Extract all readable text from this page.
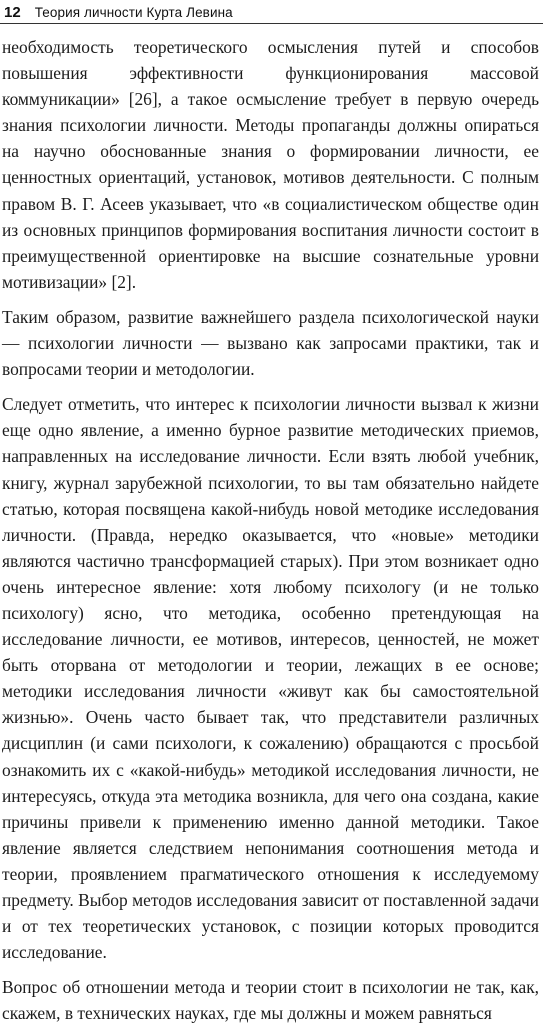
12 Теория личности Курта Левина

необходимость теоретического осмысления путей и способов повышения эффективности функционирования массовой коммуникации» [26], а такое осмысление требует в первую очередь знания психологии личности. Методы пропаганды должны опираться на научно обоснованные знания о формировании личности, ее ценностных ориентаций, установок, мотивов деятельности. С полным правом В. Г. Асеев указывает, что «в социалистическом обществе один из основных принципов формирования воспитания личности состоит в преимущественной ориентировке на высшие сознательные уровни мотивизации» [2].

Таким образом, развитие важнейшего раздела психологической науки — психологии личности — вызвано как запросами практики, так и вопросами теории и методологии.

Следует отметить, что интерес к психологии личности вызвал к жизни еще одно явление, а именно бурное развитие методических приемов, направленных на исследование личности. Если взять любой учебник, книгу, журнал зарубежной психологии, то вы там обязательно найдете статью, которая посвящена какой-нибудь новой методике исследования личности. (Правда, нередко оказывается, что «новые» методики являются частично трансформацией старых). При этом возникает одно очень интересное явление: хотя любому психологу (и не только психологу) ясно, что методика, особенно претендующая на исследование личности, ее мотивов, интересов, ценностей, не может быть оторвана от методологии и теории, лежащих в ее основе; методики исследования личности «живут как бы самостоятельной жизнью». Очень часто бывает так, что представители различных дисциплин (и сами психологи, к сожалению) обращаются с просьбой ознакомить их с «какой-нибудь» методикой исследования личности, не интересуясь, откуда эта методика возникла, для чего она создана, какие причины привели к применению именно данной методики. Такое явление является следствием непонимания соотношения метода и теории, проявлением прагматического отношения к исследуемому предмету. Выбор методов исследования зависит от поставленной задачи и от тех теоретических установок, с позиции которых проводится исследование.

Вопрос об отношении метода и теории стоит в психологии не так, как, скажем, в технических науках, где мы должны и можем равняться
